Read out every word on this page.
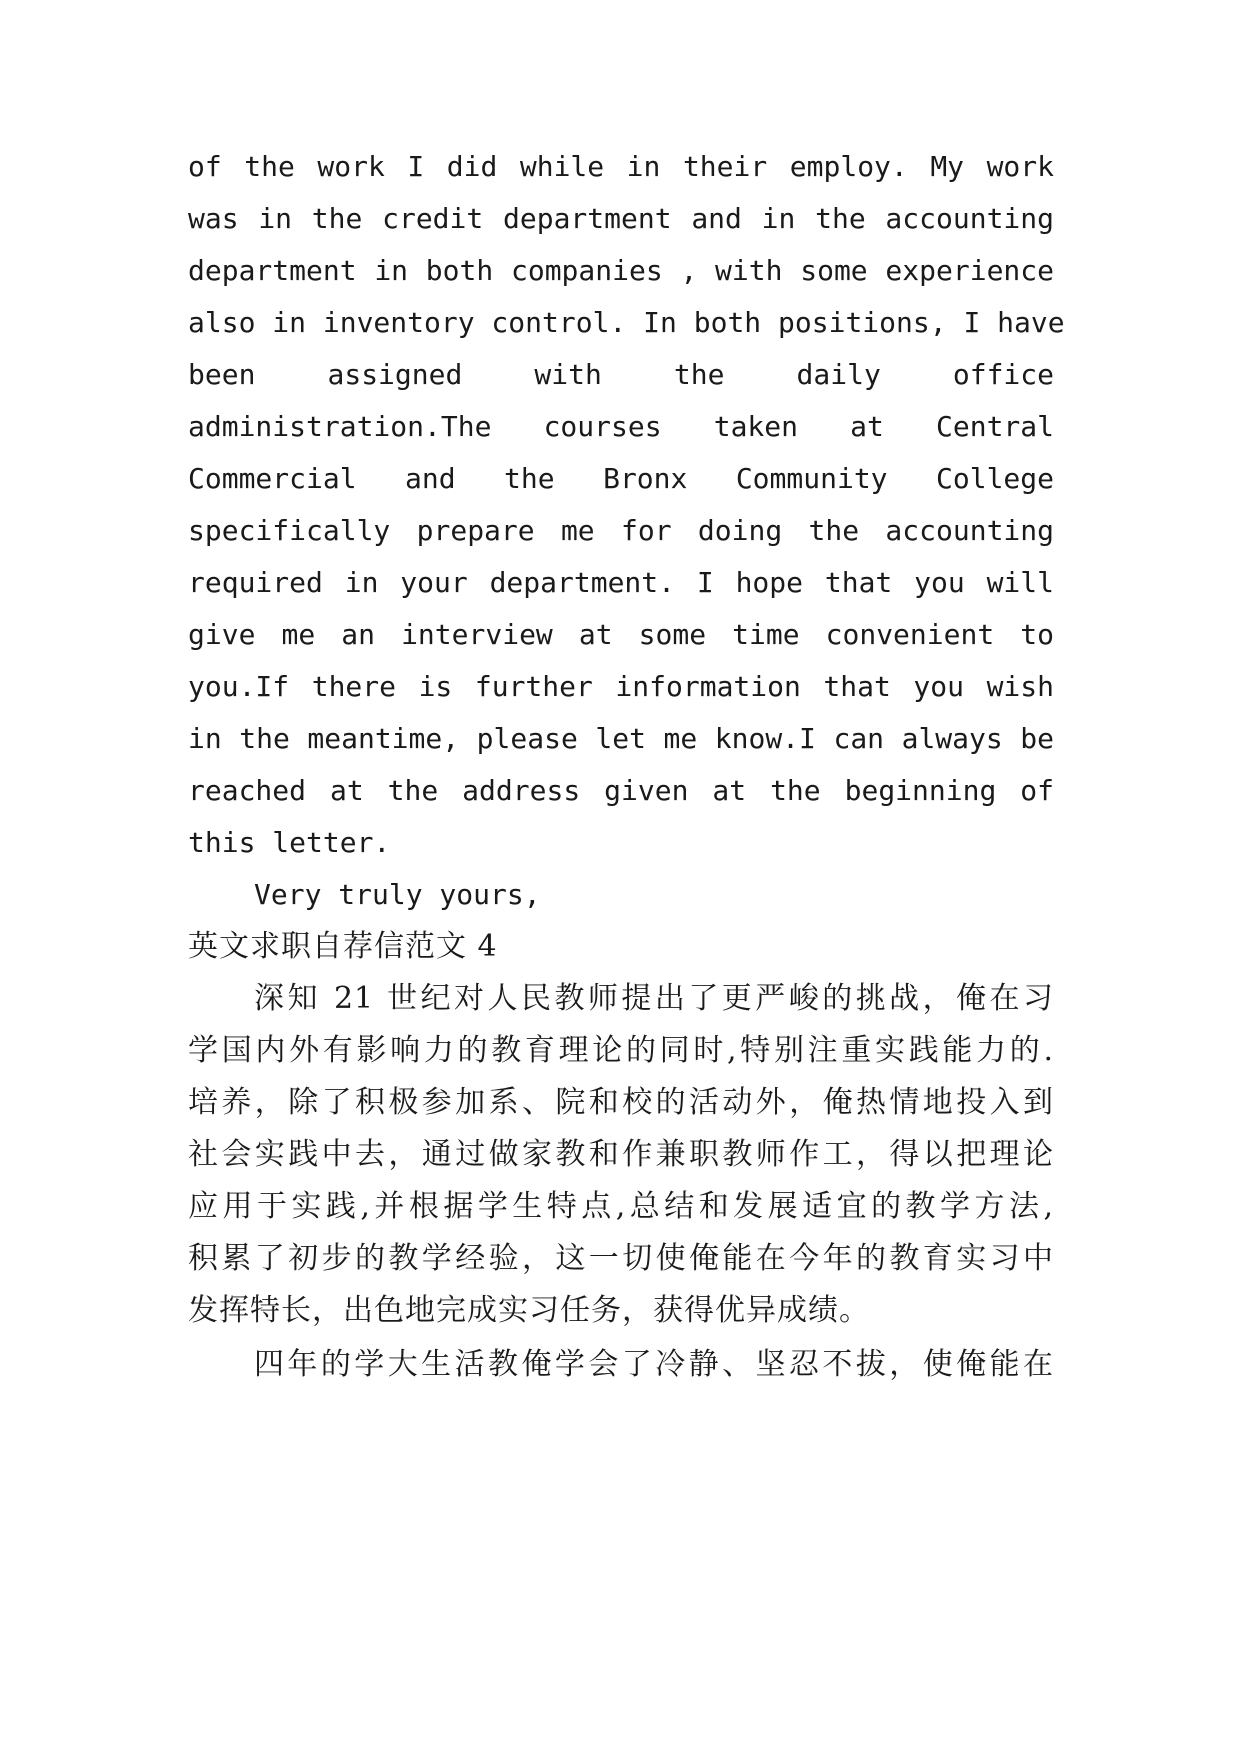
of the work I did while in their employ. My work
was in the credit department and in the accounting
department in both companies , with some experience
also in inventory control. In both positions, I have
been assigned with the daily office
administration.The courses taken at Central
Commercial and the Bronx Community College
specifically prepare me for doing the accounting
required in your department. I hope that you will
give me an interview at some time convenient to
you.If there is further information that you wish
in the meantime, please let me know.I can always be
reached at the address given at the beginning of
this letter.
Very truly yours,
英文求职自荐信范文 4
深知 21 世纪对人民教师提出了更严峻的挑战，俺在习
学国内外有影响力的教育理论的同时,特别注重实践能力的.
培养，除了积极参加系、院和校的活动外，俺热情地投入到
社会实践中去，通过做家教和作兼职教师作工，得以把理论
应用于实践,并根据学生特点,总结和发展适宜的教学方法,
积累了初步的教学经验，这一切使俺能在今年的教育实习中
发挥特长，出色地完成实习任务，获得优异成绩。
四年的学大生活教俺学会了冷静、坚忍不拔，使俺能在
